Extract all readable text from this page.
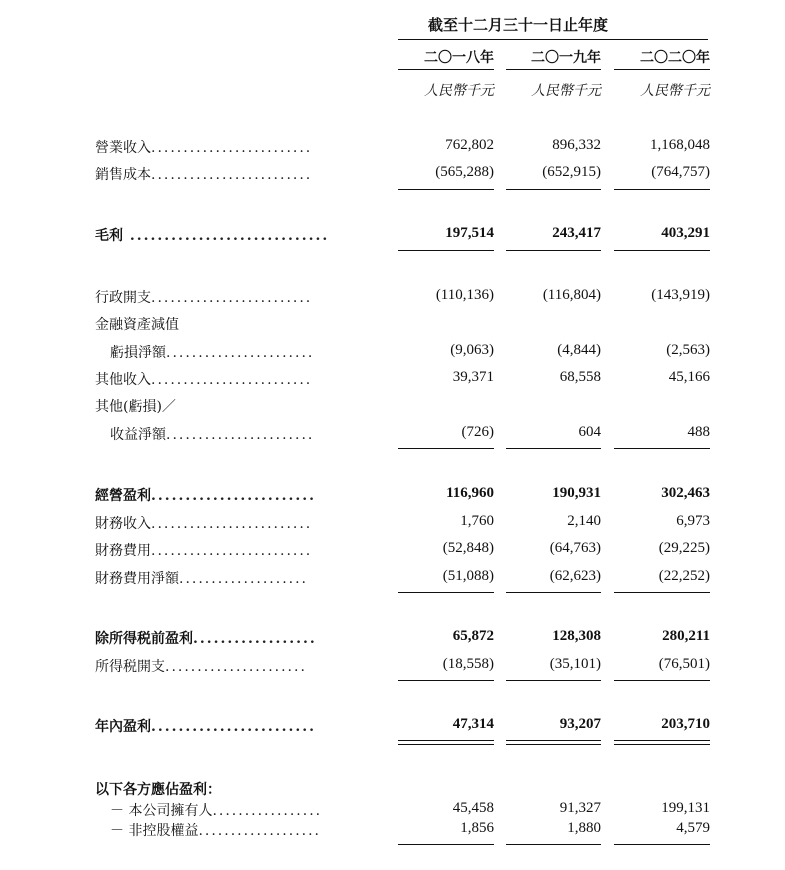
截至十二月三十一日止年度
二〇一八年	二〇一九年	二〇二〇年
人民幣千元	人民幣千元	人民幣千元
營業收入.........................	762,802	896,332	1,168,048
銷售成本.........................	(565,288)	(652,915)	(764,757)
毛利 .............................	197,514	243,417	403,291
行政開支.........................	(110,136)	(116,804)	(143,919)
金融資產減值
虧損淨額.......................	(9,063)	(4,844)	(2,563)
其他收入.........................	39,371	68,558	45,166
其他(虧損)／
收益淨額.......................	(726)	604	488
經營盈利........................	116,960	190,931	302,463
財務收入.........................	1,760	2,140	6,973
財務費用.........................	(52,848)	(64,763)	(29,225)
財務費用淨額....................	(51,088)	(62,623)	(22,252)
除所得税前盈利..................	65,872	128,308	280,211
所得税開支......................	(18,558)	(35,101)	(76,501)
年內盈利........................	47,314	93,207	203,710
以下各方應佔盈利：
－ 本公司擁有人.................	45,458	91,327	199,131
－ 非控股權益...................	1,856	1,880	4,579
